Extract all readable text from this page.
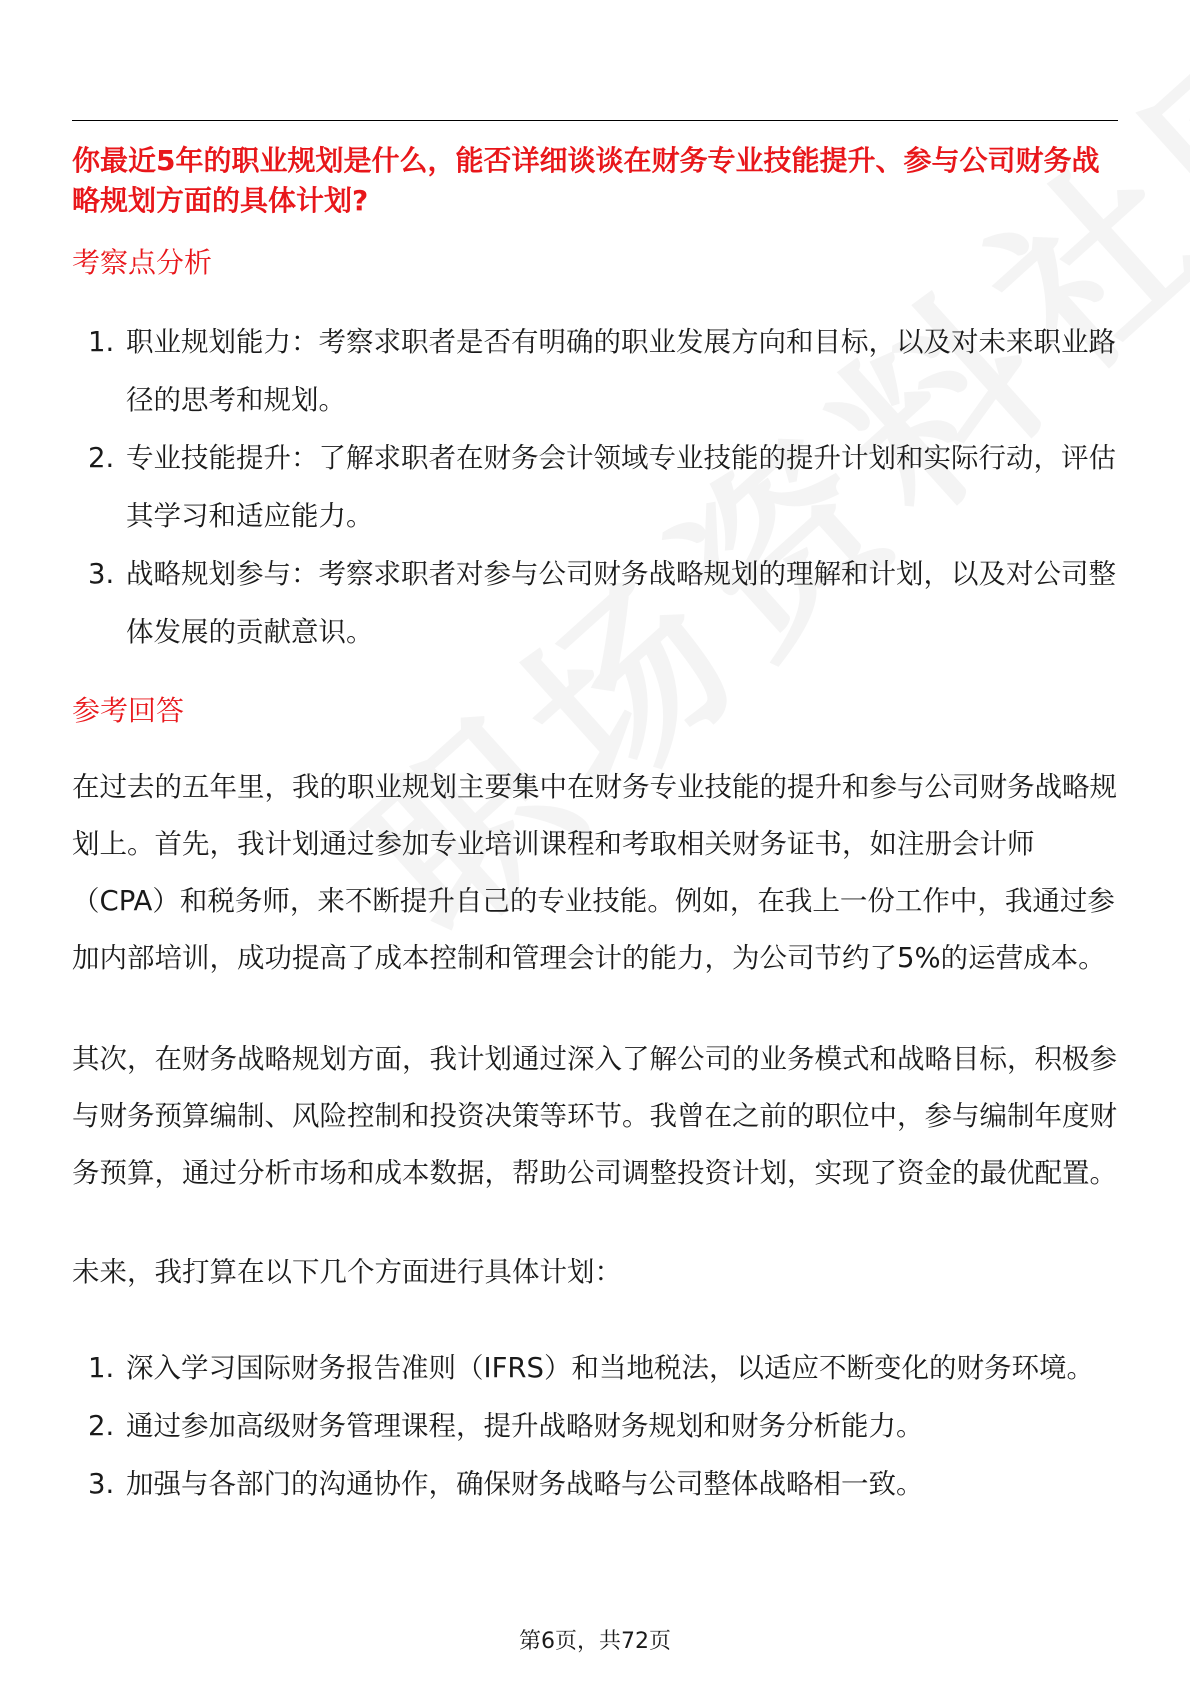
你最近5年的职业规划是什么，能否详细谈谈在财务专业技能提升、参与公司财务战略规划方面的具体计划?

考察点分析

1. 职业规划能力：考察求职者是否有明确的职业发展方向和目标，以及对未来职业路径的思考和规划。
2. 专业技能提升：了解求职者在财务会计领域专业技能的提升计划和实际行动，评估其学习和适应能力。
3. 战略规划参与：考察求职者对参与公司财务战略规划的理解和计划，以及对公司整体发展的贡献意识。

参考回答

在过去的五年里，我的职业规划主要集中在财务专业技能的提升和参与公司财务战略规划上。首先，我计划通过参加专业培训课程和考取相关财务证书，如注册会计师（CPA）和税务师，来不断提升自己的专业技能。例如，在我上一份工作中，我通过参加内部培训，成功提高了成本控制和管理会计的能力，为公司节约了5%的运营成本。

其次，在财务战略规划方面，我计划通过深入了解公司的业务模式和战略目标，积极参与财务预算编制、风险控制和投资决策等环节。我曾在之前的职位中，参与编制年度财务预算，通过分析市场和成本数据，帮助公司调整投资计划，实现了资金的最优配置。

未来，我打算在以下几个方面进行具体计划：

1. 深入学习国际财务报告准则（IFRS）和当地税法，以适应不断变化的财务环境。
2. 通过参加高级财务管理课程，提升战略财务规划和财务分析能力。
3. 加强与各部门的沟通协作，确保财务战略与公司整体战略相一致。
第6页，共72页
